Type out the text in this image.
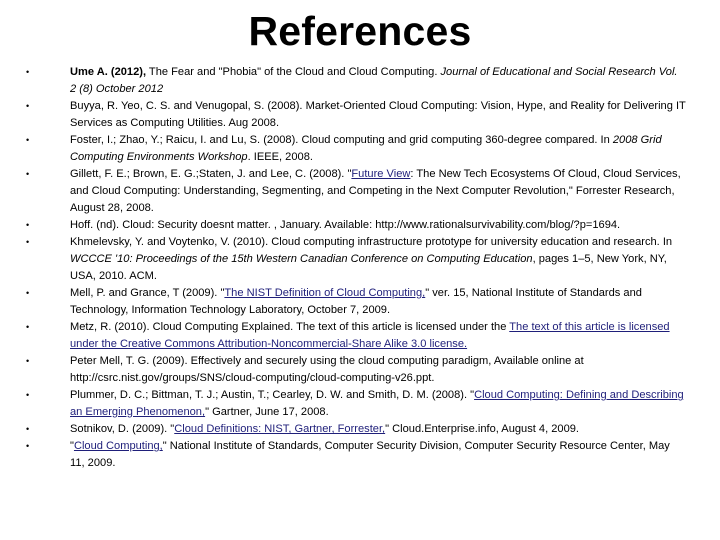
References
•	Ume A. (2012), The Fear and "Phobia" of the Cloud and Cloud Computing. Journal of Educational and Social Research Vol. 2 (8) October 2012
•	Buyya, R. Yeo, C. S. and Venugopal, S. (2008). Market-Oriented Cloud Computing: Vision, Hype, and Reality for Delivering IT Services as Computing Utilities. Aug 2008.
•	Foster, I.; Zhao, Y.; Raicu, I. and Lu, S. (2008). Cloud computing and grid computing 360-degree compared. In 2008 Grid Computing Environments Workshop. IEEE, 2008.
•	Gillett, F. E.; Brown, E. G.;Staten, J. and Lee, C. (2008). "Future View: The New Tech Ecosystems Of Cloud, Cloud Services, and Cloud Computing: Understanding, Segmenting, and Competing in the Next Computer Revolution," Forrester Research, August 28, 2008.
•	Hoff. (nd). Cloud: Security doesnt matter. , January. Available: http://www.rationalsurvivability.com/blog/?p=1694.
•	Khmelevsky, Y. and Voytenko, V. (2010). Cloud computing infrastructure prototype for university education and research. In WCCCE '10: Proceedings of the 15th Western Canadian Conference on Computing Education, pages 1–5, New York, NY, USA, 2010. ACM.
•	Mell, P. and Grance, T (2009). "The NIST Definition of Cloud Computing," ver. 15, National Institute of Standards and Technology, Information Technology Laboratory, October 7, 2009.
•	Metz, R. (2010). Cloud Computing Explained. The text of this article is licensed under the The text of this article is licensed under the Creative Commons Attribution-Noncommercial-Share Alike 3.0 license.
•	Peter Mell, T. G. (2009). Effectively and securely using the cloud computing paradigm, Available online at http://csrc.nist.gov/groups/SNS/cloud-computing/cloud-computing-v26.ppt.
•	Plummer, D. C.; Bittman, T. J.; Austin, T.; Cearley, D. W. and Smith, D. M. (2008). "Cloud Computing: Defining and Describing an Emerging Phenomenon," Gartner, June 17, 2008.
•	Sotnikov, D. (2009). "Cloud Definitions: NIST, Gartner, Forrester," Cloud.Enterprise.info, August 4, 2009.
•	"Cloud Computing," National Institute of Standards, Computer Security Division, Computer Security Resource Center, May 11, 2009.
